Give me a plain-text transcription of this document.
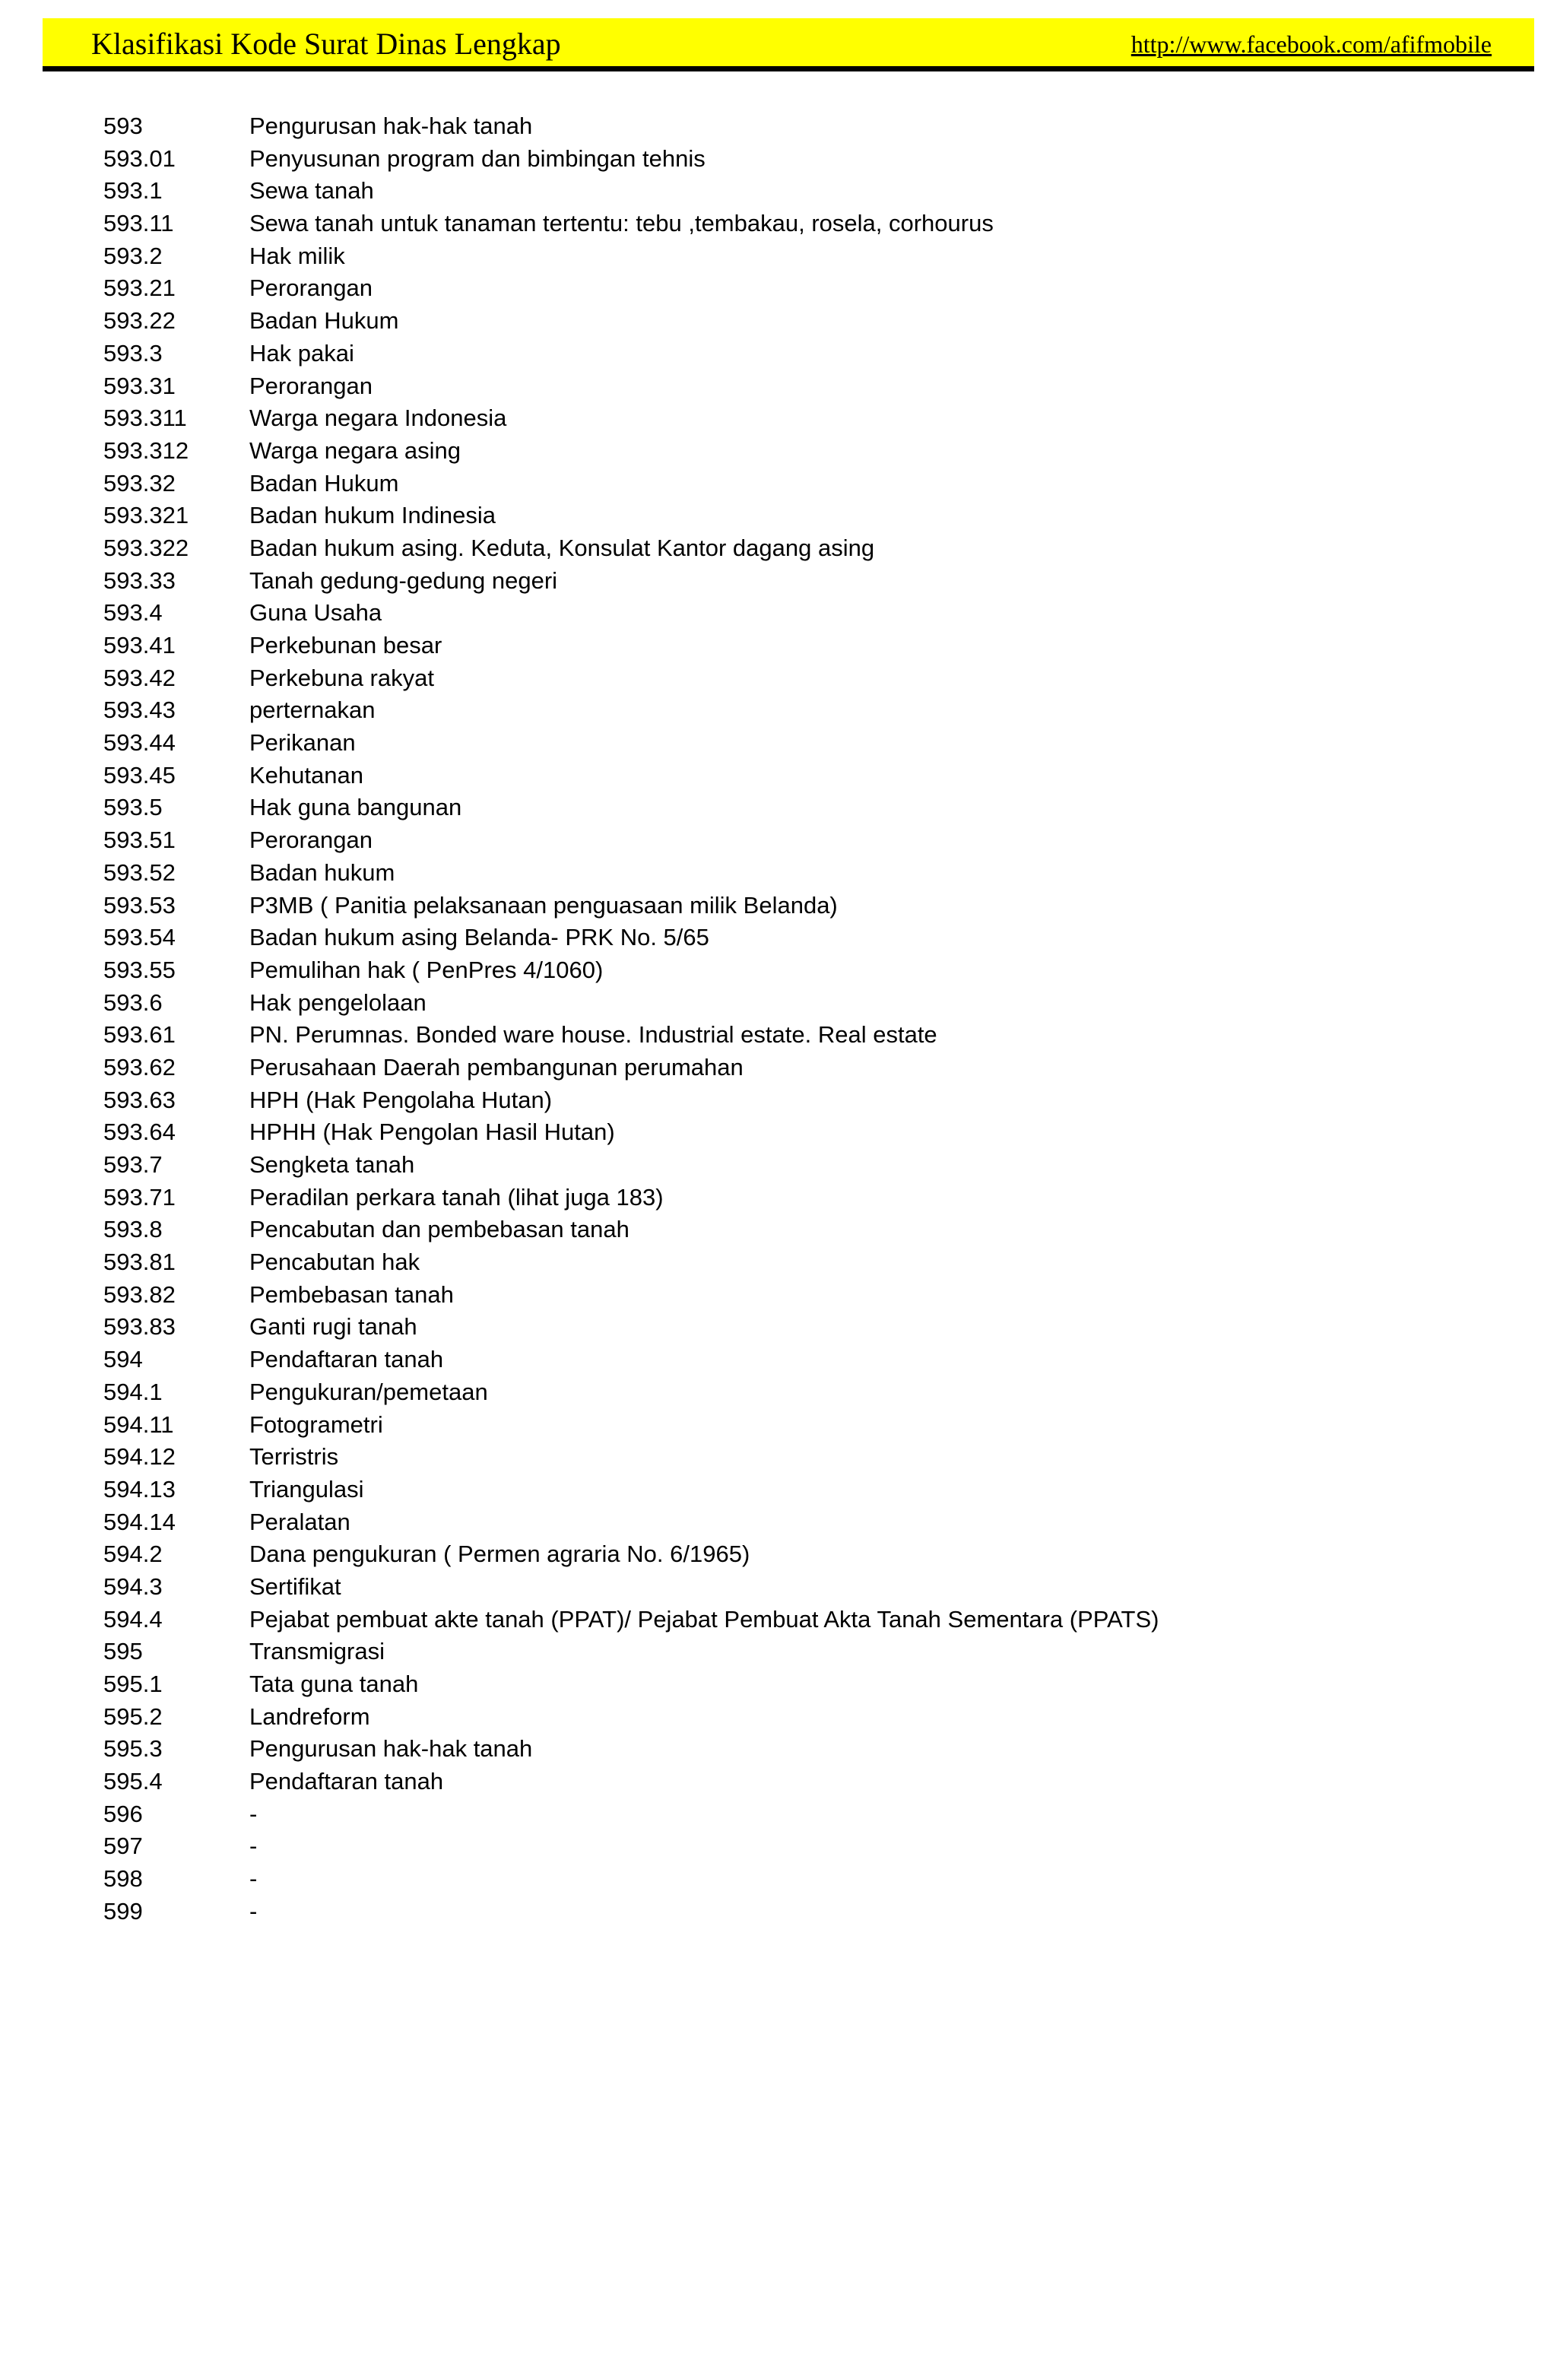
Klasifikasi Kode Surat Dinas Lengkap	http://www.facebook.com/afifmobile
593	Pengurusan hak-hak tanah
593.01	Penyusunan program dan bimbingan tehnis
593.1	Sewa tanah
593.11	Sewa tanah untuk tanaman tertentu: tebu ,tembakau, rosela, corhourus
593.2	Hak milik
593.21	Perorangan
593.22	Badan Hukum
593.3	Hak pakai
593.31	Perorangan
593.311	Warga negara Indonesia
593.312	Warga negara asing
593.32	Badan Hukum
593.321	Badan hukum Indinesia
593.322	Badan hukum asing. Keduta, Konsulat Kantor dagang asing
593.33	Tanah gedung-gedung negeri
593.4	Guna Usaha
593.41	Perkebunan besar
593.42	Perkebuna rakyat
593.43	perternakan
593.44	Perikanan
593.45	Kehutanan
593.5	Hak guna bangunan
593.51	Perorangan
593.52	Badan hukum
593.53	P3MB ( Panitia pelaksanaan penguasaan milik Belanda)
593.54	Badan hukum asing Belanda- PRK No. 5/65
593.55	Pemulihan hak ( PenPres 4/1060)
593.6	Hak pengelolaan
593.61	PN. Perumnas. Bonded ware house. Industrial estate. Real estate
593.62	Perusahaan Daerah pembangunan perumahan
593.63	HPH (Hak Pengolaha Hutan)
593.64	HPHH (Hak Pengolan Hasil Hutan)
593.7	Sengketa tanah
593.71	Peradilan perkara tanah (lihat juga 183)
593.8	Pencabutan dan pembebasan tanah
593.81	Pencabutan hak
593.82	Pembebasan tanah
593.83	Ganti rugi tanah
594	Pendaftaran tanah
594.1	Pengukuran/pemetaan
594.11	Fotogrametri
594.12	Terristris
594.13	Triangulasi
594.14	Peralatan
594.2	Dana pengukuran ( Permen agraria No. 6/1965)
594.3	Sertifikat
594.4	Pejabat pembuat akte tanah (PPAT)/ Pejabat Pembuat Akta Tanah Sementara (PPATS)
595	Transmigrasi
595.1	Tata guna tanah
595.2	Landreform
595.3	Pengurusan hak-hak tanah
595.4	Pendaftaran tanah
596	-
597	-
598	-
599	-
